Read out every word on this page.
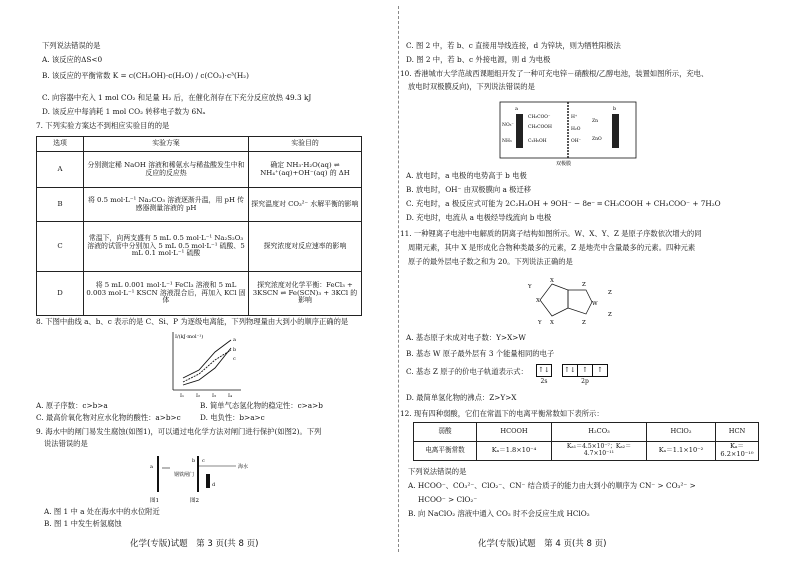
下列说法错误的是
A. 该反应的ΔS<0
B. 该反应的平衡常数 K = c(CH₃OH)·c(H₂O) / c(CO₂)·c³(H₂)
C. 向容器中充入 1 mol CO₂ 和足量 H₂ 后，在催化剂存在下充分反应放热 49.3 kJ
D. 该反应中每消耗 1 mol CO₂ 转移电子数为 6Nₐ
7. 下列实验方案达不到相应实验目的的是
选项	实验方案	实验目的
A	分别测定稀 NaOH 溶液和稀氨水与稀盐酸发生中和反应的反应热	确定 NH₃·H₂O(aq) ⇌ NH₄⁺(aq)+OH⁻(aq) 的 ΔH
B	将 0.5 mol·L⁻¹ Na₂CO₃ 溶液逐渐升温，用 pH 传感器测量溶液的 pH	探究温度对 CO₃²⁻ 水解平衡的影响
C	常温下，向两支盛有 5 mL 0.5 mol·L⁻¹ Na₂S₂O₃ 溶液的试管中分别加入 5 mL 0.5 mol·L⁻¹ 硫酸、5 mL 0.1 mol·L⁻¹ 硫酸	探究浓度对反应速率的影响
D	将 5 mL 0.001 mol·L⁻¹ FeCl₃ 溶液和 5 mL 0.003 mol·L⁻¹ KSCN 溶液混合后，再加入 KCl 固体	探究浓度对化学平衡：FeCl₃ + 3KSCN ⇌ Fe(SCN)₃ + 3KCl 的影响
8. 下图中曲线 a、b、c 表示的是 C、Si、P 为逐级电离能，下列物理量由大到小的顺序正确的是
I/(kJ·mol⁻¹)	a
b
c
I₁ I₂ I₃ I₄
A. 原子序数：c>b>a	B. 简单气态氢化物的稳定性：c>a>b
C. 最高价氧化物对应水化物的酸性：a>b>c	D. 电负性：b>a>c
9. 海水中的闸门易发生腐蚀(如图1)，可以通过电化学方法对闸门进行保护(如图2)。下列
说法错误的是
a
图1
钢铁闸门
b c
d
海水
图2
A. 图 1 中 a 处在海水中的水位附近
B. 图 1 中发生析氢腐蚀
化学(专版)试题　第 3 页(共 8 页)
C. 图 2 中，若 b、c 直接用导线连接，d 为锌块，则为牺牲阳极法
D. 图 2 中，若 b、c 外接电源，则 d 为电极
10. 香港城市大学范战西课题组开发了一种可充电锌－硝酸根/乙醇电池，装置如图所示，充电、
放电时双极膜反向)，下列说法错误的是
a	b
双极膜
NO₃⁻
NH₃
CH₃COO⁻
CH₃COOH
C₂H₅OH
H⁺
H₂O
OH⁻
Zn
ZnO
A. 放电时，a 电极的电势高于 b 电极
B. 放电时，OH⁻ 由双极膜向 a 极迁移
C. 充电时，a 极反应式可能为 2C₂H₅OH + 9OH⁻ − 8e⁻ ═ CH₃COOH + CH₃COO⁻ + 7H₂O
D. 充电时，电流从 a 电极经导线流向 b 电极
11. 一种锂离子电池中电解质的阴离子结构如图所示。W、X、Y、Z 是原子序数依次增大的同
周期元素，其中 X 是形成化合物种类最多的元素，Z 是地壳中含量最多的元素。四种元素
原子的最外层电子数之和为 20。下列说法正确的是
Y
Y
X
X
X
W
Z
Z
Z
Z
A. 基态原子未成对电子数：Y>X>W
B. 基态 W 原子最外层有 3 个能量相同的电子
C. 基态 Z 原子的价电子轨道表示式：	↑↓
2s
↑↓ ↑	↑
2p
D. 最简单氢化物的沸点：Z>Y>X
12. 现有四种弱酸，它们在常温下的电离平衡常数如下表所示：
弱酸	HCOOH	H₂CO₃	HClO₂	HCN
电离平衡常数	Kₐ＝1.8×10⁻⁴	Kₐ₁＝4.5×10⁻⁷；Kₐ₂＝4.7×10⁻¹¹	Kₐ＝1.1×10⁻²	Kₐ＝6.2×10⁻¹⁰
下列说法错误的是
A. HCOO⁻、CO₃²⁻、ClO₂⁻、CN⁻ 结合质子的能力由大到小的顺序为 CN⁻ > CO₃²⁻ >
HCOO⁻ > ClO₂⁻
B. 向 NaClO₂ 溶液中通入 CO₂ 时不会反应生成 HClO₂
化学(专版)试题　第 4 页(共 8 页)
